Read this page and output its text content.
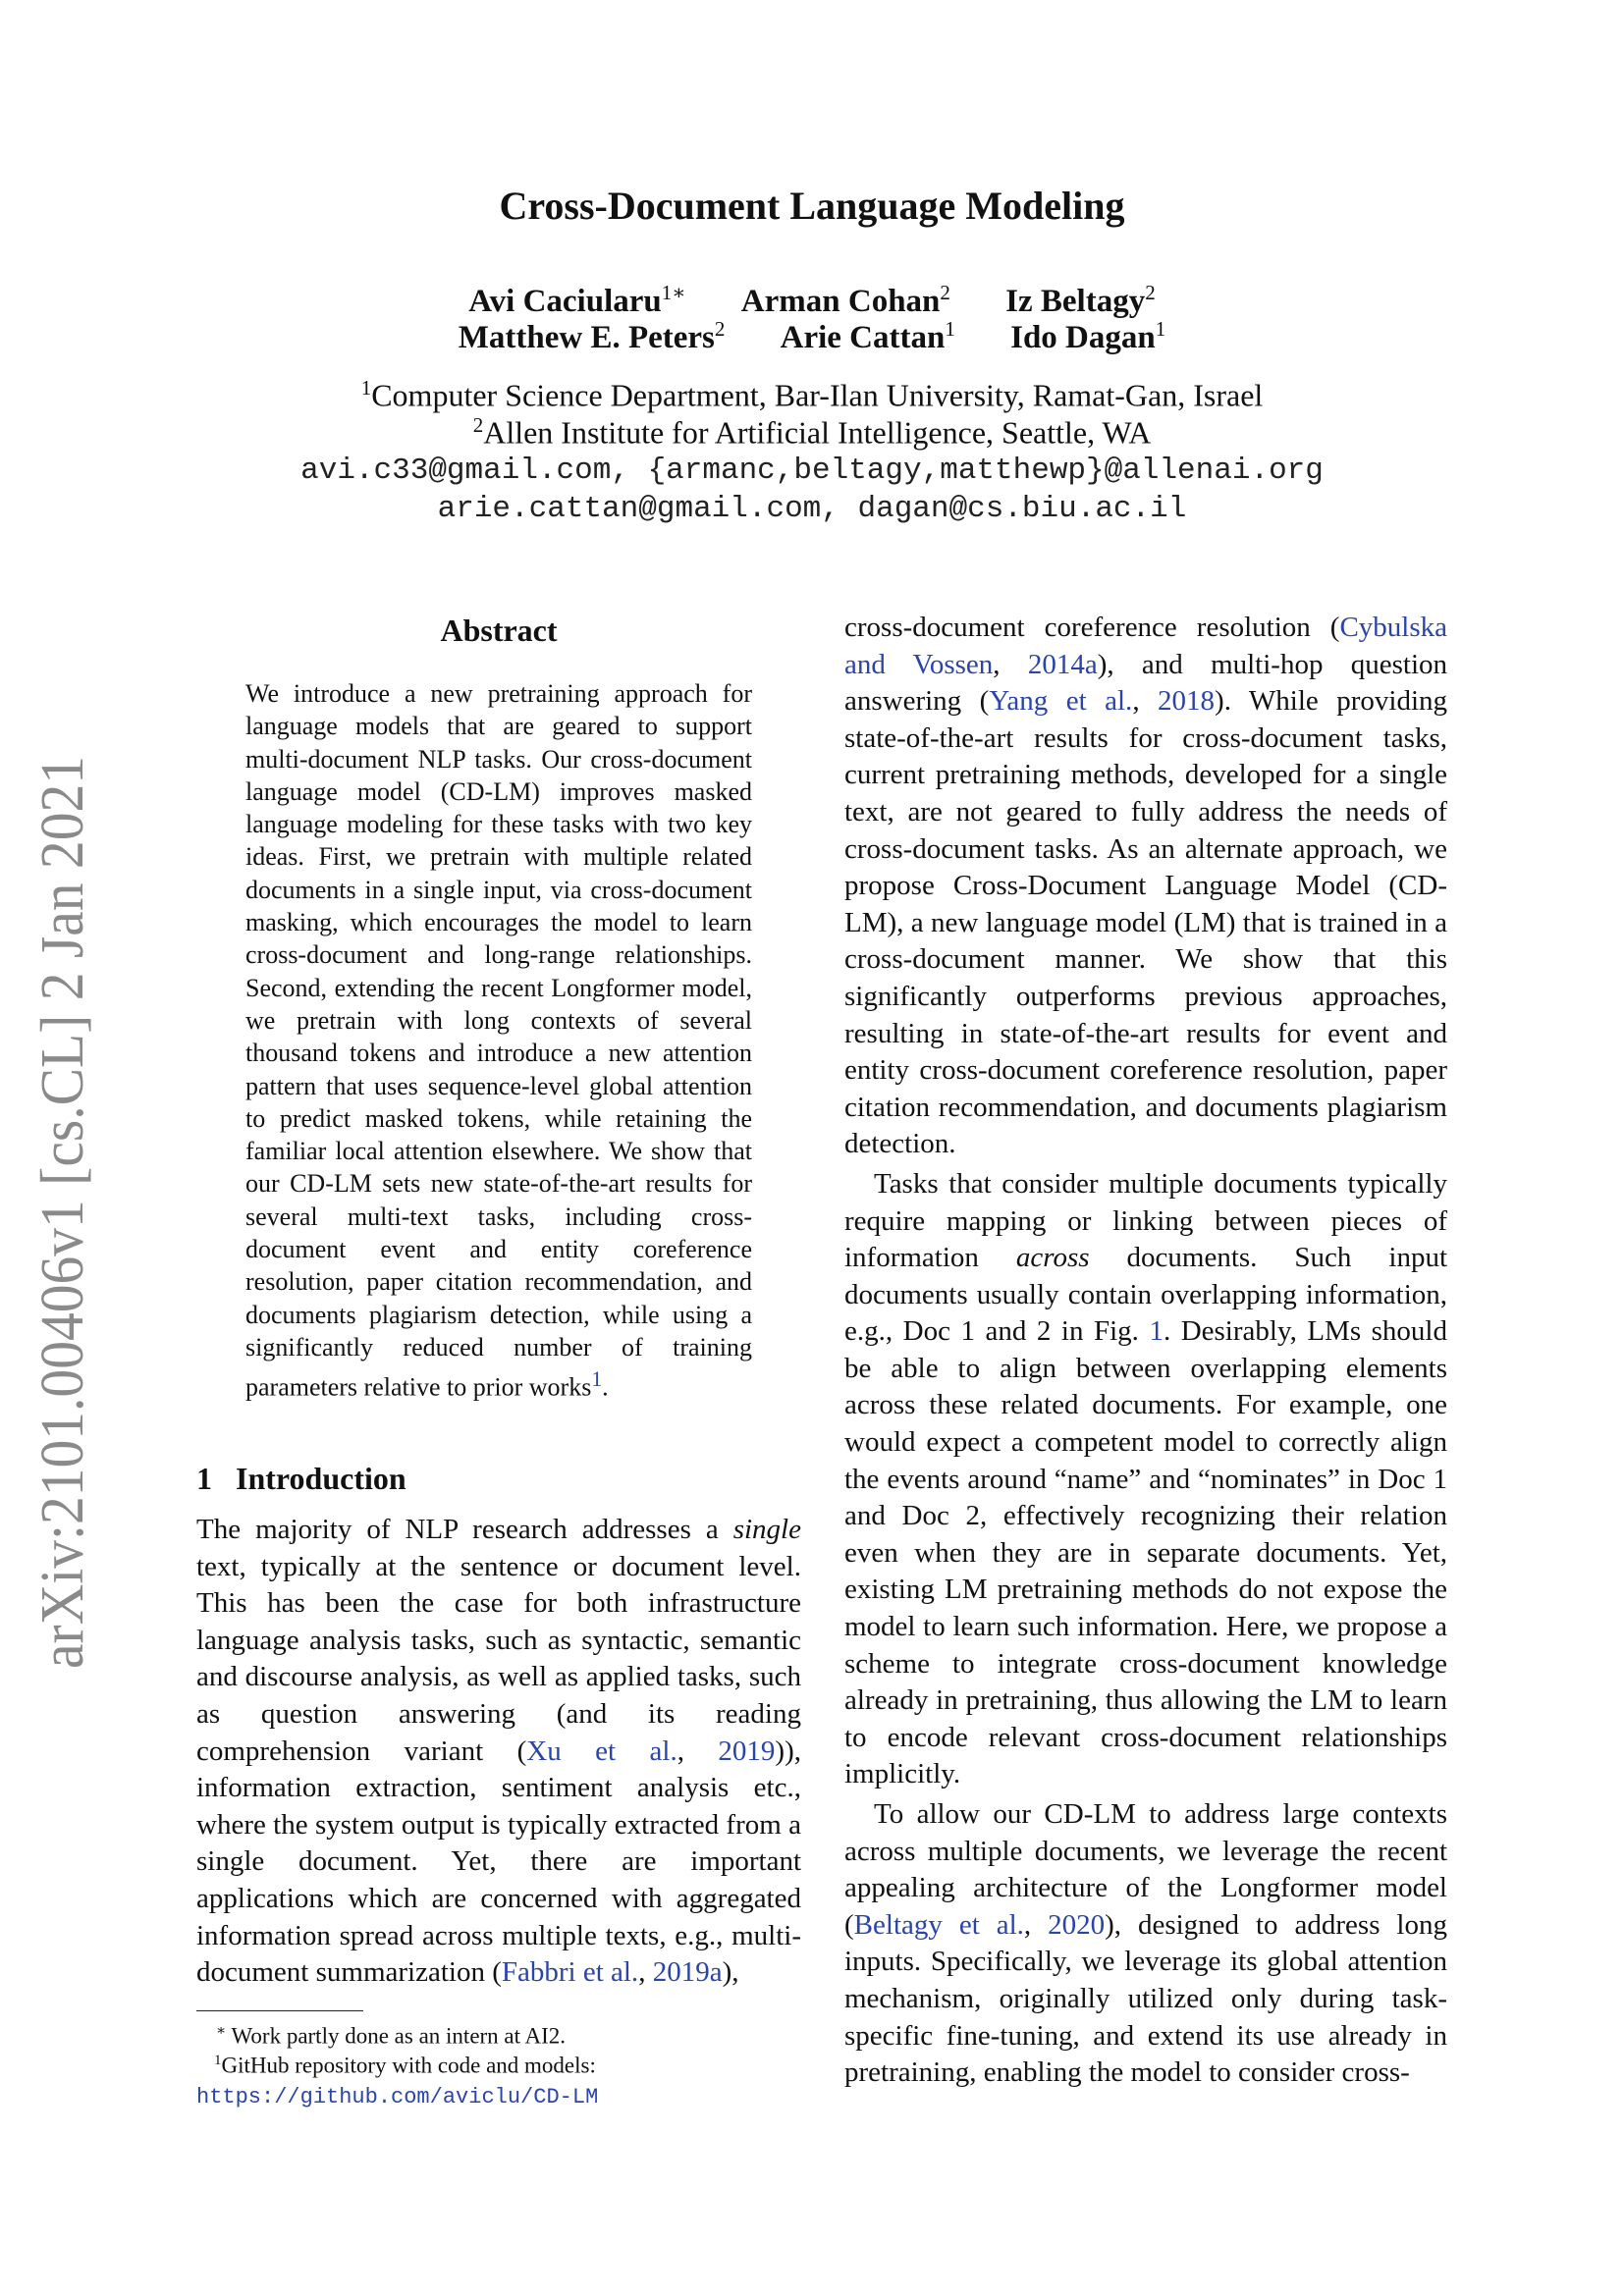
arXiv:2101.00406v1 [cs.CL] 2 Jan 2021
Cross-Document Language Modeling
Avi Caciularu$^{1∗}$ Arman Cohan$^2$ Iz Beltagy$^2$
Matthew E. Peters$^2$ Arie Cattan$^1$ Ido Dagan$^1$
$^1$Computer Science Department, Bar-Ilan University, Ramat-Gan, Israel
$^2$Allen Institute for Artificial Intelligence, Seattle, WA
avi.c33@gmail.com, {armanc,beltagy,matthewp}@allenai.org
arie.cattan@gmail.com, dagan@cs.biu.ac.il
Abstract

We introduce a new pretraining approach for language models that are geared to support multi-document NLP tasks. Our cross-document language model (CD-LM) improves masked language modeling for these tasks with two key ideas. First, we pretrain with multiple related documents in a single input, via cross-document masking, which encourages the model to learn cross-document and long-range relationships. Second, extending the recent Longformer model, we pretrain with long contexts of several thousand tokens and introduce a new attention pattern that uses sequence-level global attention to predict masked tokens, while retaining the familiar local attention elsewhere. We show that our CD-LM sets new state-of-the-art results for several multi-text tasks, including cross-document event and entity coreference resolution, paper citation recommendation, and documents plagiarism detection, while using a significantly reduced number of training parameters relative to prior works$^1$.

1 Introduction

The majority of NLP research addresses a single text, typically at the sentence or document level. This has been the case for both infrastructure language analysis tasks, such as syntactic, semantic and discourse analysis, as well as applied tasks, such as question answering (and its reading comprehension variant (Xu et al., 2019)), information extraction, sentiment analysis etc., where the system output is typically extracted from a single document. Yet, there are important applications which are concerned with aggregated information spread across multiple texts, e.g., multi-document summarization (Fabbri et al., 2019a),

∗ Work partly done as an intern at AI2.

$^1$GitHub repository with code and models: https://github.com/aviclu/CD-LM

cross-document coreference resolution (Cybulska and Vossen, 2014a), and multi-hop question answering (Yang et al., 2018). While providing state-of-the-art results for cross-document tasks, current pretraining methods, developed for a single text, are not geared to fully address the needs of cross-document tasks. As an alternate approach, we propose Cross-Document Language Model (CD-LM), a new language model (LM) that is trained in a cross-document manner. We show that this significantly outperforms previous approaches, resulting in state-of-the-art results for event and entity cross-document coreference resolution, paper citation recommendation, and documents plagiarism detection.

Tasks that consider multiple documents typically require mapping or linking between pieces of information across documents. Such input documents usually contain overlapping information, e.g., Doc 1 and 2 in Fig. 1. Desirably, LMs should be able to align between overlapping elements across these related documents. For example, one would expect a competent model to correctly align the events around “name” and “nominates” in Doc 1 and Doc 2, effectively recognizing their relation even when they are in separate documents. Yet, existing LM pretraining methods do not expose the model to learn such information. Here, we propose a scheme to integrate cross-document knowledge already in pretraining, thus allowing the LM to learn to encode relevant cross-document relationships implicitly.

To allow our CD-LM to address large contexts across multiple documents, we leverage the recent appealing architecture of the Longformer model (Beltagy et al., 2020), designed to address long inputs. Specifically, we leverage its global attention mechanism, originally utilized only during task-specific fine-tuning, and extend its use already in pretraining, enabling the model to consider cross-
